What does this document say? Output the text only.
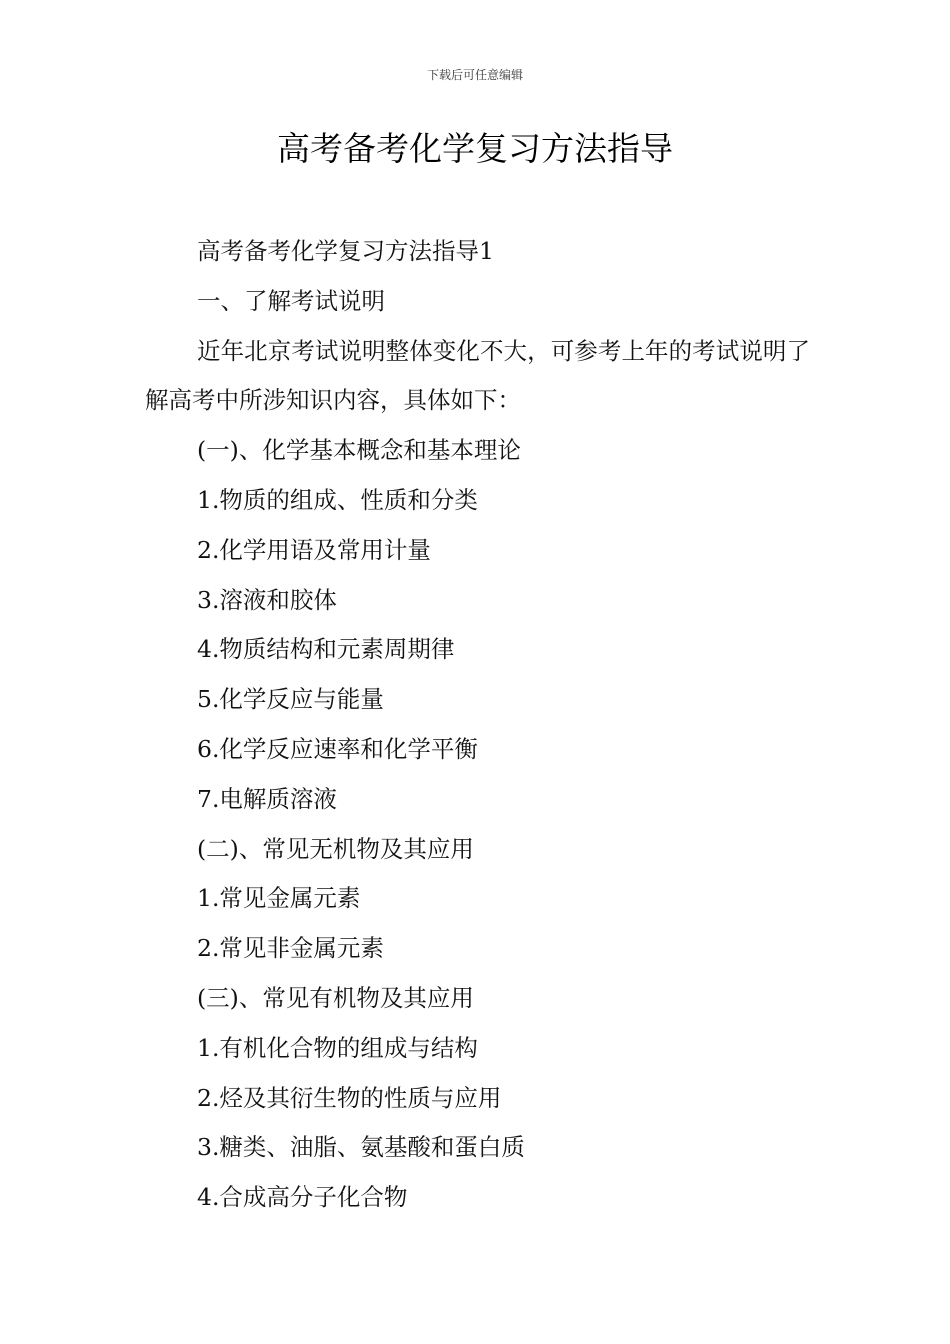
下载后可任意编辑
高考备考化学复习方法指导

高考备考化学复习方法指导1

一、了解考试说明

近年北京考试说明整体变化不大，可参考上年的考试说明了解高考中所涉知识内容，具体如下：

(一)、化学基本概念和基本理论

1.物质的组成、性质和分类

2.化学用语及常用计量

3.溶液和胶体

4.物质结构和元素周期律

5.化学反应与能量

6.化学反应速率和化学平衡

7.电解质溶液

(二)、常见无机物及其应用

1.常见金属元素

2.常见非金属元素

(三)、常见有机物及其应用

1.有机化合物的组成与结构

2.烃及其衍生物的性质与应用

3.糖类、油脂、氨基酸和蛋白质

4.合成高分子化合物
